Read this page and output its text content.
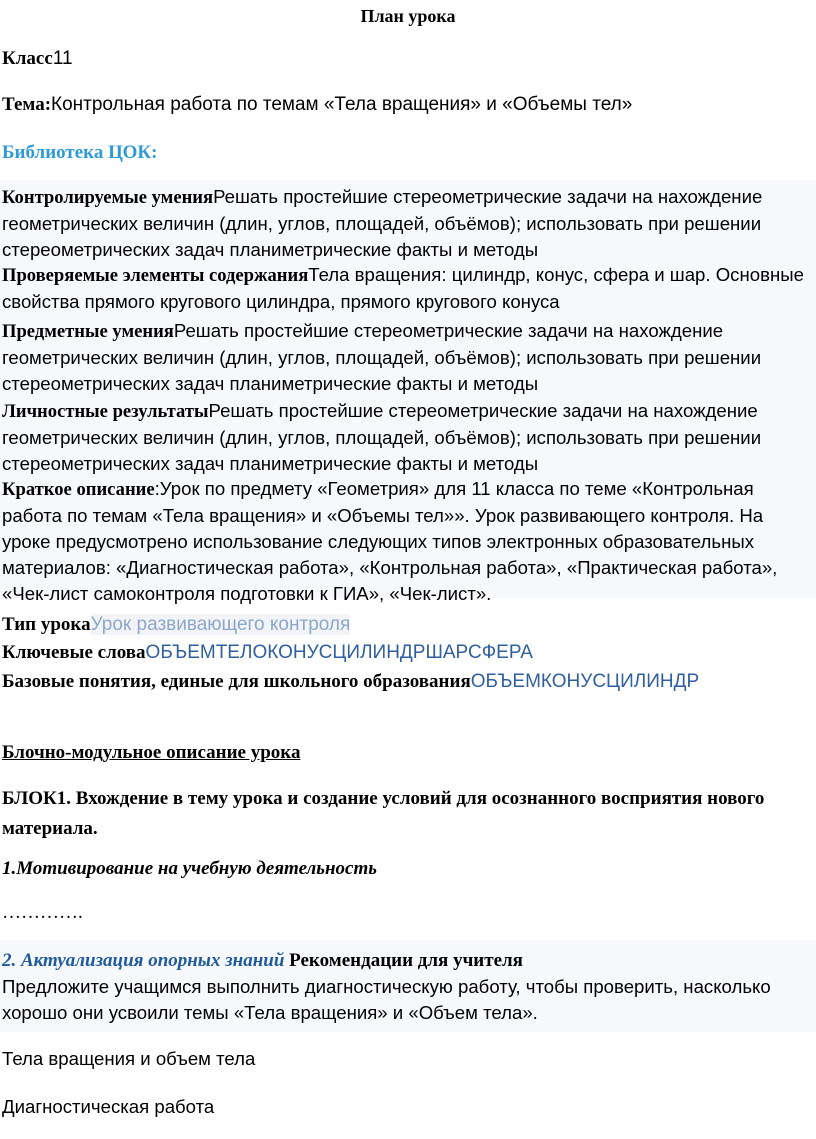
План урока
Класс11
Тема:Контрольная работа по темам «Тела вращения» и «Объемы тел»
Библиотека ЦОК:
Контролируемые уменияРешать простейшие стереометрические задачи на нахождение геометрических величин (длин, углов, площадей, объёмов); использовать при решении стереометрических задач планиметрические факты и методы
Проверяемые элементы содержанияТела вращения: цилиндр, конус, сфера и шар. Основные свойства прямого кругового цилиндра, прямого кругового конуса
Предметные уменияРешать простейшие стереометрические задачи на нахождение геометрических величин (длин, углов, площадей, объёмов); использовать при решении стереометрических задач планиметрические факты и методы
Личностные результатыРешать простейшие стереометрические задачи на нахождение геометрических величин (длин, углов, площадей, объёмов); использовать при решении стереометрических задач планиметрические факты и методы
Краткое описание:Урок по предмету «Геометрия» для 11 класса по теме «Контрольная работа по темам «Тела вращения» и «Объемы тел»». Урок развивающего контроля. На уроке предусмотрено использование следующих типов электронных образовательных материалов: «Диагностическая работа», «Контрольная работа», «Практическая работа», «Чек-лист самоконтроля подготовки к ГИА», «Чек-лист».
Тип урокаУрок развивающего контроля
Ключевые словаОБЪЕМТЕЛОКОНУСЦИЛИНДРШАРСФЕРА
Базовые понятия, единые для школьного образованияОБЪЕМКОНУСЦИЛИНДР
Блочно-модульное описание урока
БЛОК1. Вхождение в тему урока и создание условий для осознанного восприятия нового материала.
1.Мотивирование на учебную деятельность
………….
2. Актуализация опорных знаний Рекомендации для учителя
Предложите учащимся выполнить диагностическую работу, чтобы проверить, насколько хорошо они усвоили темы «Тела вращения» и «Объем тела».
Тела вращения и объем тела
Диагностическая работа
